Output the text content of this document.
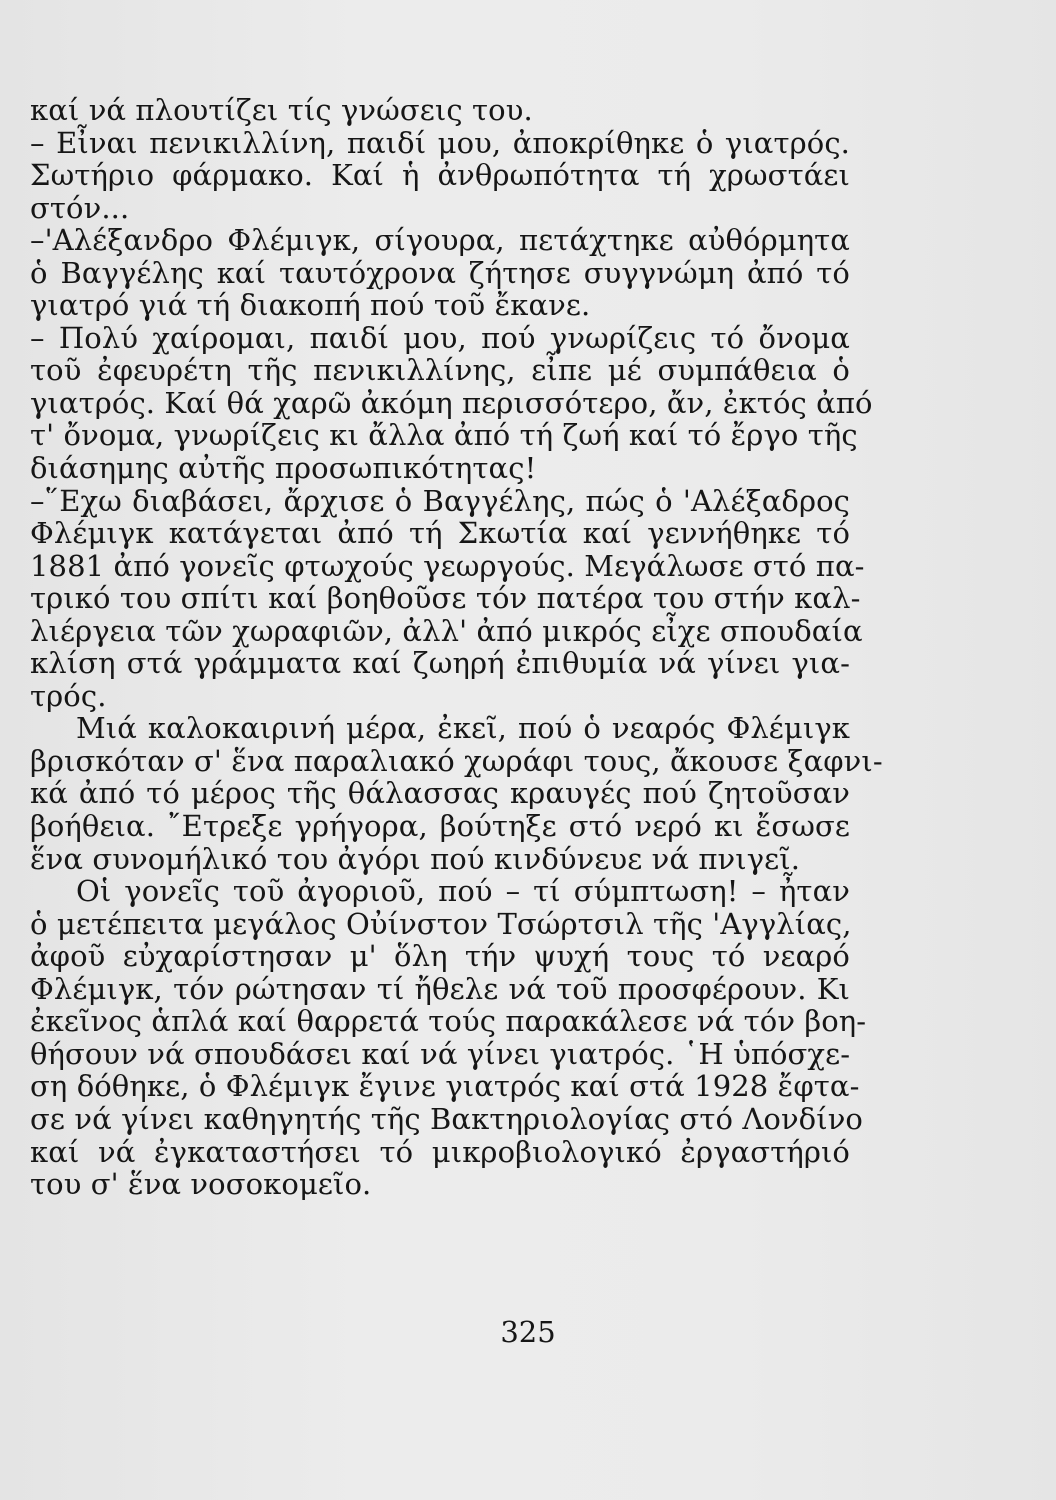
καί νά πλουτίζει τίς γνώσεις του.
– Εἶναι πενικιλλίνη, παιδί μου, ἀποκρίθηκε ὁ γιατρός.
Σωτήριο φάρμακο. Καί ἡ ἀνθρωπότητα τή χρωστάει
στόν...
–'Αλέξανδρο Φλέμιγκ, σίγουρα, πετάχτηκε αὐθόρμητα
ὁ Βαγγέλης καί ταυτόχρονα ζήτησε συγγνώμη ἀπό τό
γιατρό γιά τή διακοπή πού τοῦ ἔκανε.
– Πολύ χαίρομαι, παιδί μου, πού γνωρίζεις τό ὄνομα
τοῦ ἐφευρέτη τῆς πενικιλλίνης, εἶπε μέ συμπάθεια ὁ
γιατρός. Καί θά χαρῶ ἀκόμη περισσότερο, ἄν, ἐκτός ἀπό
τ' ὄνομα, γνωρίζεις κι ἄλλα ἀπό τή ζωή καί τό ἔργο τῆς
διάσημης αὐτῆς προσωπικότητας!
–῞Εχω διαβάσει, ἄρχισε ὁ Βαγγέλης, πώς ὁ 'Αλέξαδρος
Φλέμιγκ κατάγεται ἀπό τή Σκωτία καί γεννήθηκε τό
1881 ἀπό γονεῖς φτωχούς γεωργούς. Μεγάλωσε στό πα-
τρικό του σπίτι καί βοηθοῦσε τόν πατέρα του στήν καλ-
λιέργεια τῶν χωραφιῶν, ἀλλ' ἀπό μικρός εἶχε σπουδαία
κλίση στά γράμματα καί ζωηρή ἐπιθυμία νά γίνει για-
τρός.
Μιά καλοκαιρινή μέρα, ἐκεῖ, πού ὁ νεαρός Φλέμιγκ
βρισκόταν σ' ἕνα παραλιακό χωράφι τους, ἄκουσε ξαφνι-
κά ἀπό τό μέρος τῆς θάλασσας κραυγές πού ζητοῦσαν
βοήθεια. ῎Ετρεξε γρήγορα, βούτηξε στό νερό κι ἔσωσε
ἕνα συνομήλικό του ἀγόρι πού κινδύνευε νά πνιγεῖ.
Οἱ γονεῖς τοῦ ἀγοριοῦ, πού – τί σύμπτωση! – ἦταν
ὁ μετέπειτα μεγάλος Οὐίνστον Τσώρτσιλ τῆς 'Αγγλίας,
ἀφοῦ εὐχαρίστησαν μ' ὅλη τήν ψυχή τους τό νεαρό
Φλέμιγκ, τόν ρώτησαν τί ἤθελε νά τοῦ προσφέρουν. Κι
ἐκεῖνος ἁπλά καί θαρρετά τούς παρακάλεσε νά τόν βοη-
θήσουν νά σπουδάσει καί νά γίνει γιατρός. ῾Η ὑπόσχε-
ση δόθηκε, ὁ Φλέμιγκ ἔγινε γιατρός καί στά 1928 ἔφτα-
σε νά γίνει καθηγητής τῆς Βακτηριολογίας στό Λονδίνο
καί νά ἐγκαταστήσει τό μικροβιολογικό ἐργαστήριό
του σ' ἕνα νοσοκομεῖο.
325
